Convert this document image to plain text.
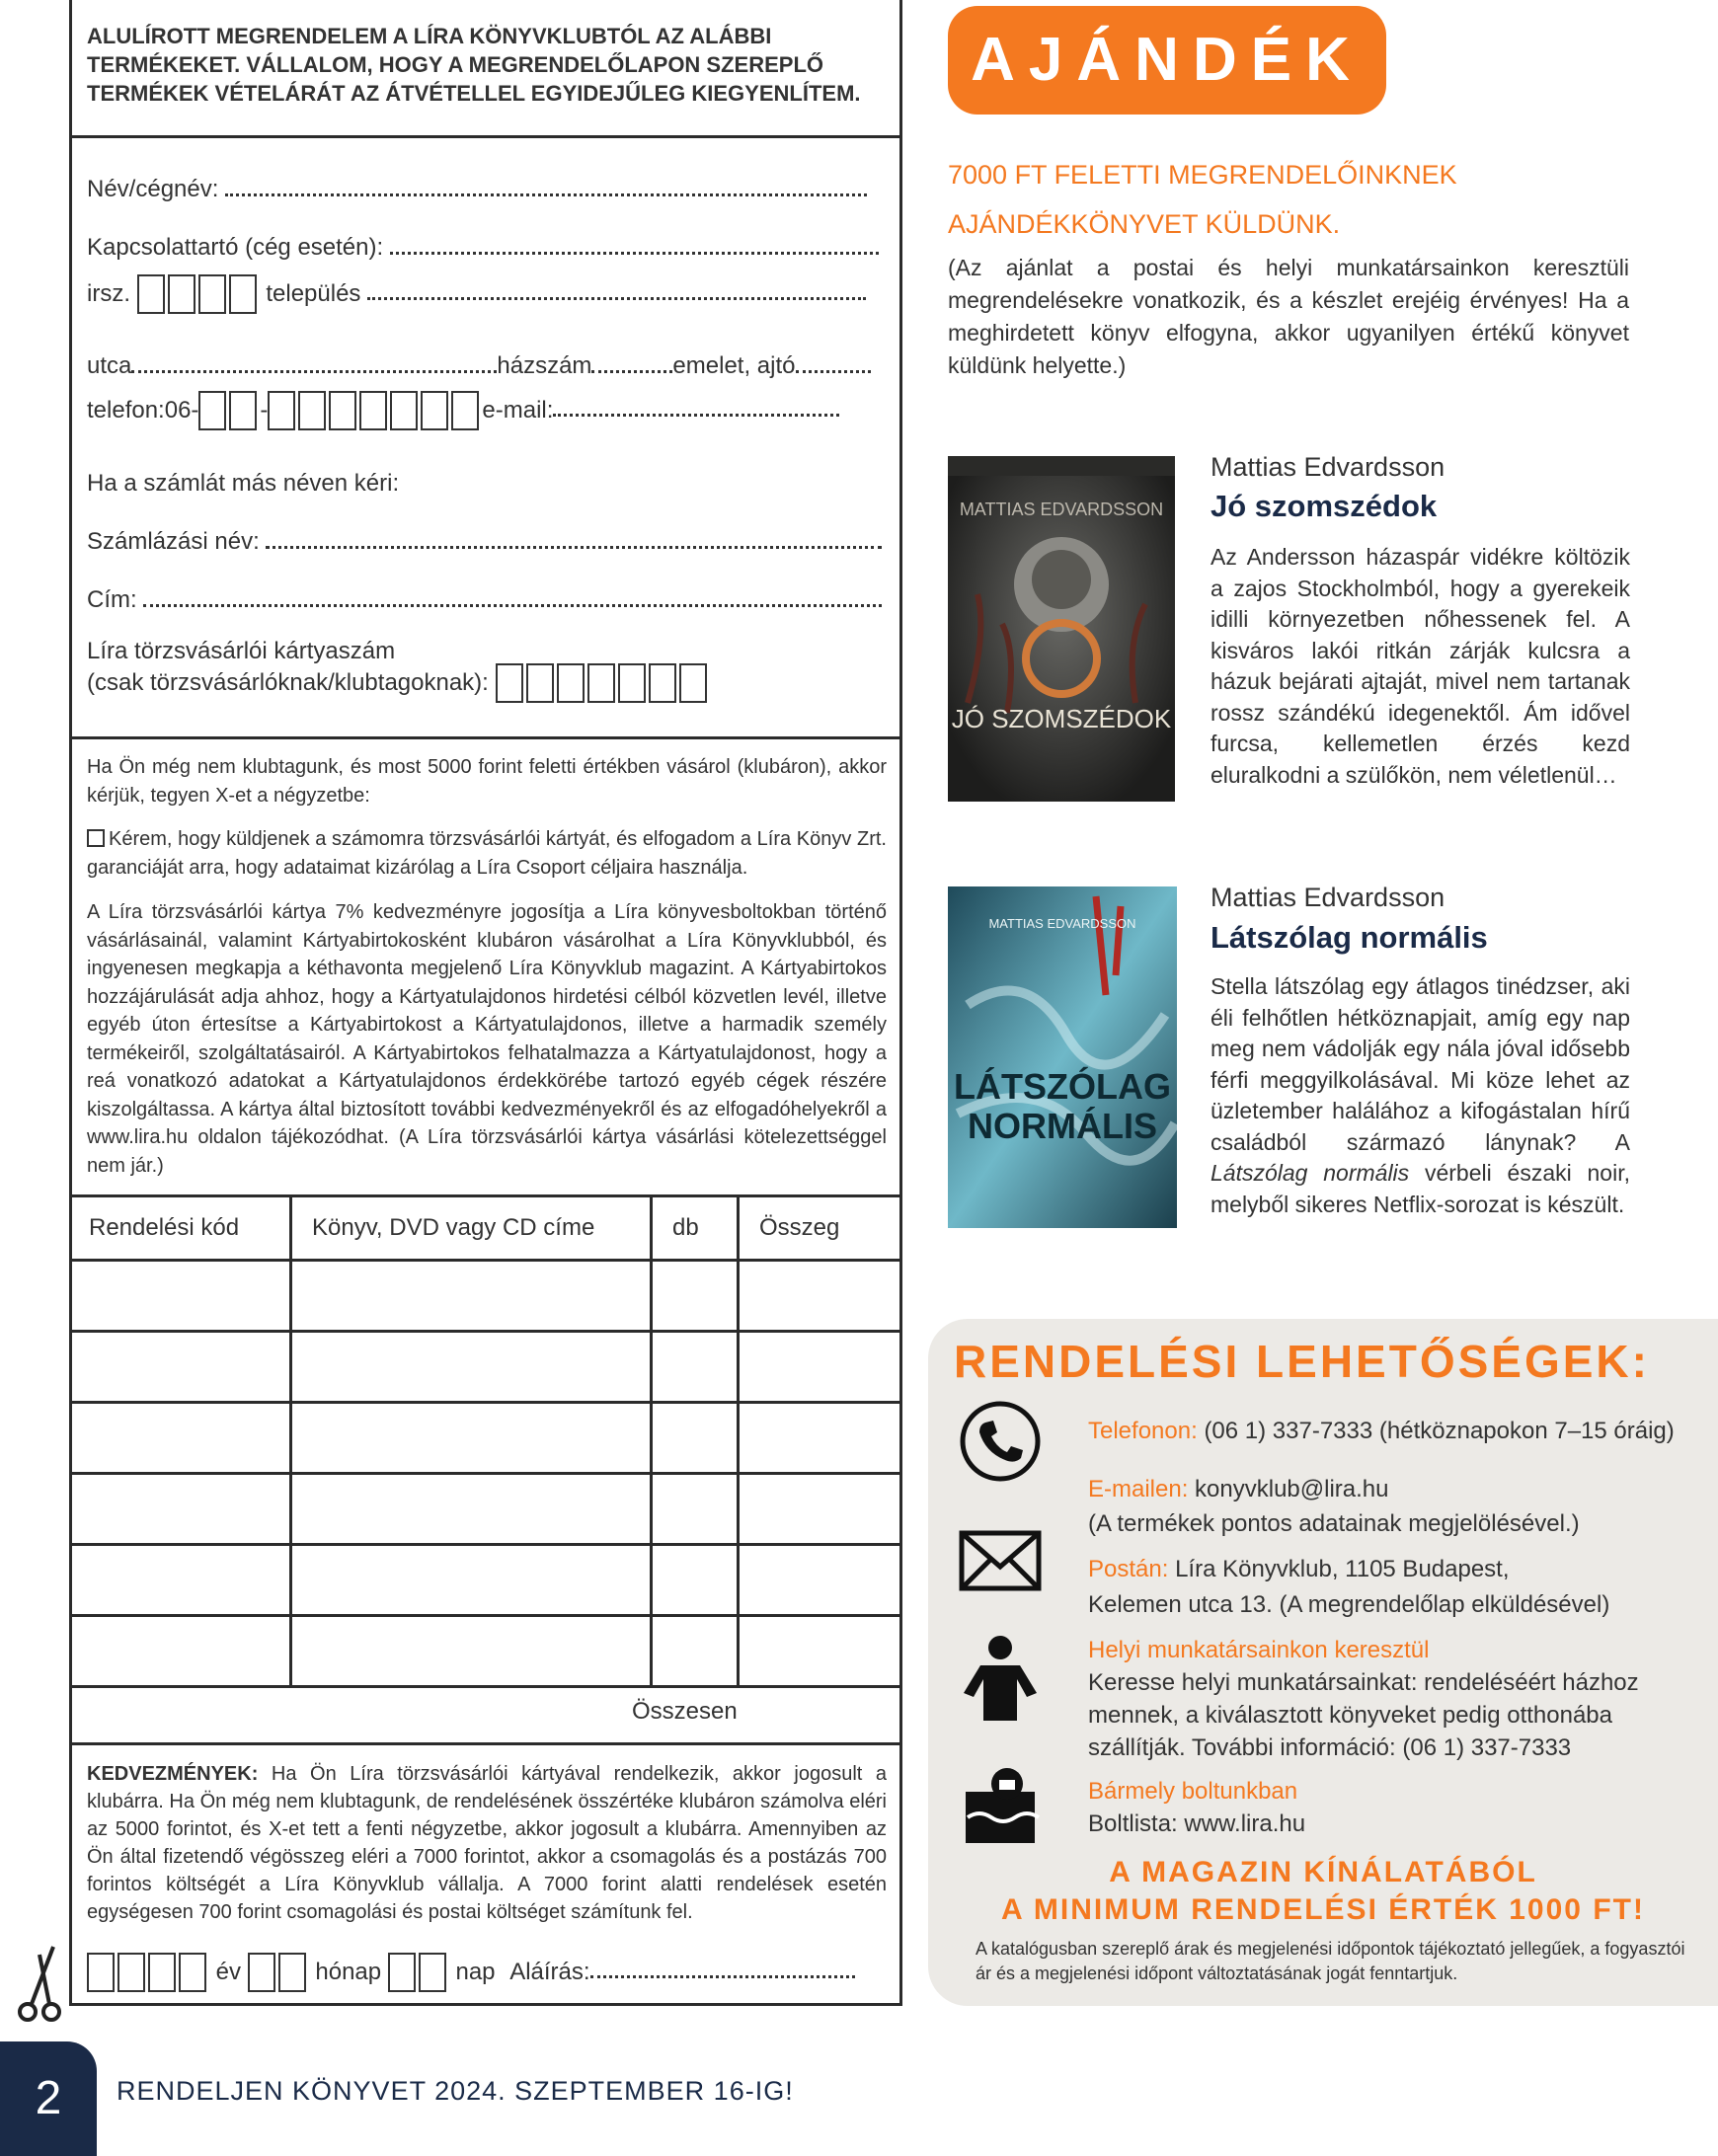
ALULÍROTT MEGRENDELEM A LÍRA KÖNYVKLUBTÓL AZ ALÁBBI TERMÉKEKET. VÁLLALOM, HOGY A MEGRENDELŐLAPON SZEREPLŐ TERMÉKEK VÉTELÁRÁT AZ ÁTVÉTELLEL EGYIDEJŰLEG KIEGYENLÍTEM.
Név/cégnév:
Kapcsolattartó (cég esetén):
irsz.	település
utca	házszám	emelet, ajtó
telefon:06-	-	e-mail:
Ha a számlát más néven kéri:
Számlázási név:
Cím:
Líra törzsvásárlói kártyaszám
(csak törzsvásárlóknak/klubtagoknak):
Ha Ön még nem klubtagunk, és most 5000 forint feletti értékben vásárol (klubáron), akkor kérjük, tegyen X-et a négyzetbe:
Kérem, hogy küldjenek a számomra törzsvásárlói kártyát, és elfogadom a Líra Könyv Zrt. garanciáját arra, hogy adataimat kizárólag a Líra Csoport céljaira használja.
A Líra törzsvásárlói kártya 7% kedvezményre jogosítja a Líra könyvesboltokban történő vásárlásainál, valamint Kártyabirtokosként klubáron vásárolhat a Líra Könyvklubból, és ingyenesen megkapja a kéthavonta megjelenő Líra Könyvklub magazint. A Kártyabirtokos hozzájárulását adja ahhoz, hogy a Kártyatulajdonos hirdetési célból közvetlen levél, illetve egyéb úton értesítse a Kártyabirtokost a Kártyatulajdonos, illetve a harmadik személy termékeiről, szolgáltatásairól. A Kártyabirtokos felhatalmazza a Kártyatulajdonost, hogy a reá vonatkozó adatokat a Kártyatulajdonos érdekkörébe tartozó egyéb cégek részére kiszolgáltassa. A kártya által biztosított további kedvezményekről és az elfogadóhelyekről a www.lira.hu oldalon tájékozódhat. (A Líra törzsvásárlói kártya vásárlási kötelezettséggel nem jár.)
Rendelési kód	Könyv, DVD vagy CD címe	db	Összeg

Összesen
KEDVEZMÉNYEK: Ha Ön Líra törzsvásárlói kártyával rendelkezik, akkor jogosult a klubárra. Ha Ön még nem klubtagunk, de rendelésének összértéke klubáron számolva eléri az 5000 forintot, és X-et tett a fenti négyzetbe, akkor jogosult a klubárra. Amennyiben az Ön által fizetendő végösszeg eléri a 7000 forintot, akkor a csomagolás és a postázás 700 forintos költségét a Líra Könyvklub vállalja. A 7000 forint alatti rendelések esetén egységesen 700 forint csomagolási és postai költséget számítunk fel.
év	hónap	nap Aláírás:
2	RENDELJEN KÖNYVET 2024. SZEPTEMBER 16-IG!
AJÁNDÉK
7000 FT FELETTI MEGRENDELŐINKNEK
AJÁNDÉKKÖNYVET KÜLDÜNK.
(Az ajánlat a postai és helyi munkatársainkon keresztüli megrendelésekre vonatkozik, és a készlet erejéig érvényes! Ha a meghirdetett könyv elfogyna, akkor ugyanilyen értékű könyvet küldünk helyette.)
MATTIAS EDVARDSSON
JÓ SZOMSZÉDOK
Mattias Edvardsson
Jó szomszédok
Az Andersson házaspár vidékre költözik a zajos Stockholmból, hogy a gyerekeik idilli környezetben nőhessenek fel. A kisváros lakói ritkán zárják kulcsra a házuk bejárati ajtaját, mivel nem tartanak rossz szándékú idegenektől. Ám idővel furcsa, kellemetlen érzés kezd eluralkodni a szülőkön, nem véletlenül…
MATTIAS EDVARDSSON
LÁTSZÓLAG
NORMÁLIS
Mattias Edvardsson
Látszólag normális
Stella látszólag egy átlagos tinédzser, aki éli felhőtlen hétköznapjait, amíg egy nap meg nem vádolják egy nála jóval idősebb férfi meggyilkolásával. Mi köze lehet az üzletember halálához a kifogástalan hírű családból származó lánynak? A Látszólag normális vérbeli északi noir, melyből sikeres Netflix-sorozat is készült.
RENDELÉSI LEHETŐSÉGEK:
Telefonon: (06 1) 337-7333 (hétköznapokon 7–15 óráig)
E-mailen: konyvklub@lira.hu
(A termékek pontos adatainak megjelölésével.)
Postán: Líra Könyvklub, 1105 Budapest,
Kelemen utca 13. (A megrendelőlap elküldésével)
Helyi munkatársainkon keresztül
Keresse helyi munkatársainkat: rendeléséért házhoz mennek, a kiválasztott könyveket pedig otthonába szállítják. További információ: (06 1) 337-7333
Bármely boltunkban
Boltlista: www.lira.hu
A MAGAZIN KÍNÁLATÁBÓL
A MINIMUM RENDELÉSI ÉRTÉK 1000 FT!
A katalógusban szereplő árak és megjelenési időpontok tájékoztató jellegűek, a fogyasztói ár és a megjelenési időpont változtatásának jogát fenntartjuk.
